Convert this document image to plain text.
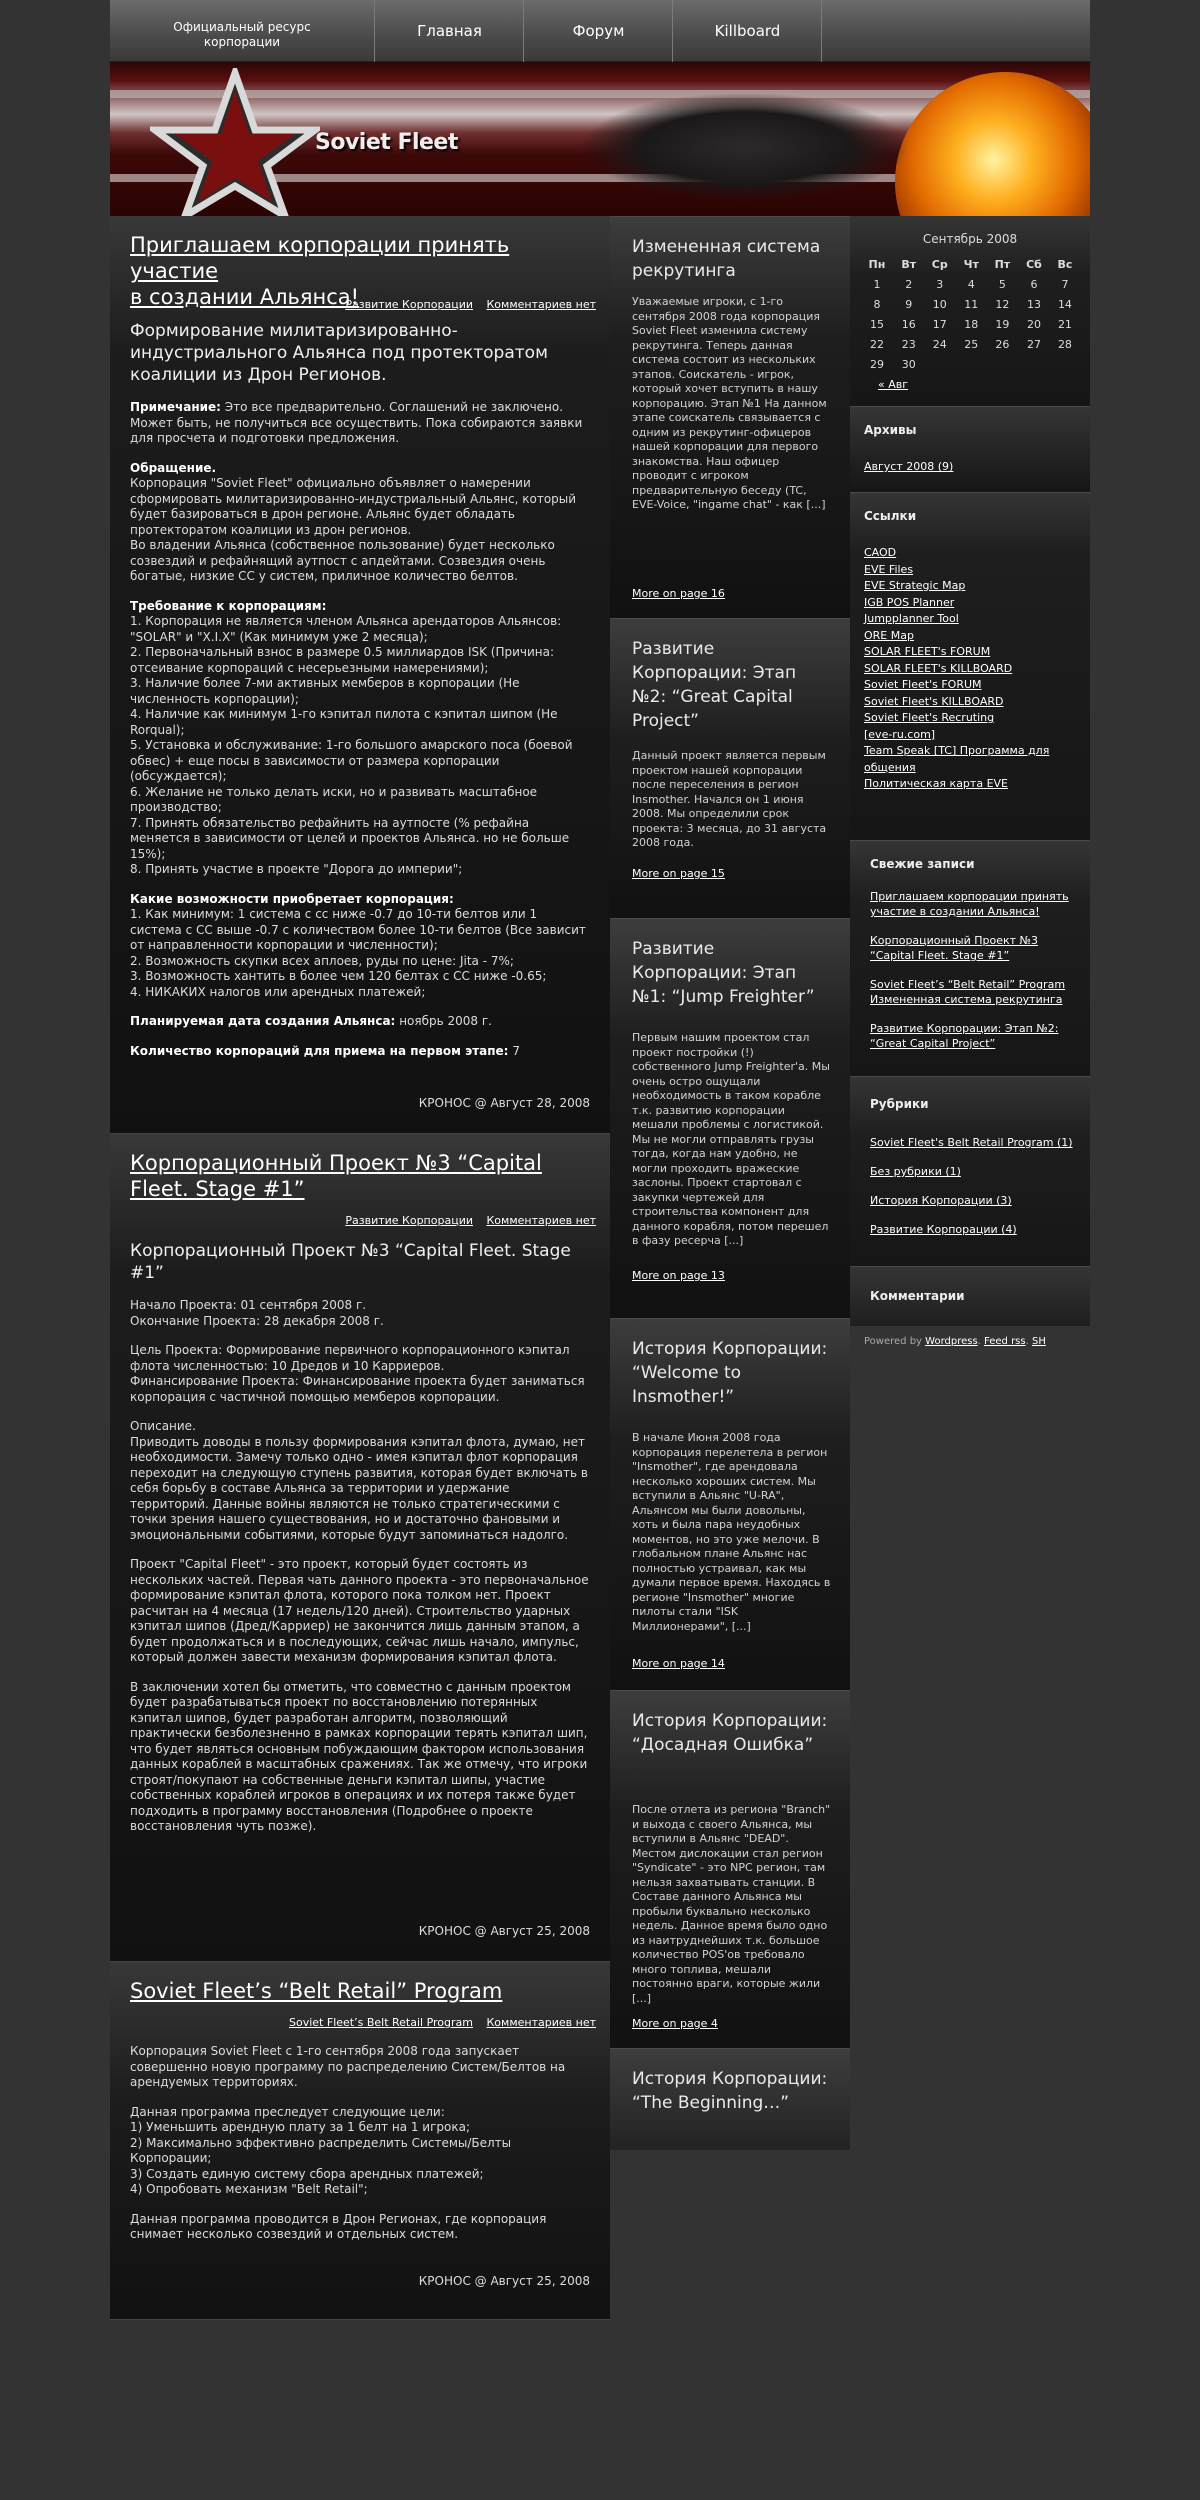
Официальный ресурс
корпорации
Главная	Форум	Killboard
Soviet Fleet
Приглашаем корпорации принять участие
в создании Альянса!
Развитие Корпорации Комментариев нет
Формирование милитаризированно-индустриального Альянса под протекторатом коалиции из Дрон Регионов.

Примечание: Это все предварительно. Соглашений не заключено. Может быть, не получиться все осуществить. Пока собираются заявки для просчета и подготовки предложения.

Обращение.
Корпорация "Soviet Fleet" официально объявляет о намерении сформировать милитаризированно-индустриальный Альянс, который будет базироваться в дрон регионе. Альянс будет обладать протекторатом коалиции из дрон регионов.
Во владении Альянса (собственное пользование) будет несколько созвездий и рефайнящий аутпост с апдейтами. Созвездия очень богатые, низкие СС у систем, приличное количество белтов.

Требование к корпорациям:
1. Корпорация не является членом Альянса арендаторов Альянсов: "SOLAR" и "X.I.X" (Как минимум уже 2 месяца);
2. Первоначальный взнос в размере 0.5 миллиардов ISK (Причина: отсеивание корпораций с несерьезными намерениями);
3. Наличие более 7-ми активных мемберов в корпорации (Не численность корпорации);
4. Наличие как минимум 1-го кэпитал пилота с кэпитал шипом (Не Rorqual);
5. Установка и обслуживание: 1-го большого амарского поса (боевой обвес) + еще посы в зависимости от размера корпорации (обсуждается);
6. Желание не только делать иски, но и развивать масштабное производство;
7. Принять обязательство рефайнить на аутпосте (% рефайна меняется в зависимости от целей и проектов Альянса. но не больше 15%);
8. Принять участие в проекте "Дорога до империи";

Какие возможности приобретает корпорация:
1. Как минимум: 1 система с сс ниже -0.7 до 10-ти белтов или 1 система с СС выше -0.7 с количеством более 10-ти белтов (Все зависит от направленности корпорации и численности);
2. Возможность скупки всех аплоев, руды по цене: Jita - 7%;
3. Возможность хантить в более чем 120 белтах с СС ниже -0.65;
4. НИКАКИХ налогов или арендных платежей;

Планируемая дата создания Альянса: ноябрь 2008 г.

Количество корпораций для приема на первом этапе: 7

КРОНОС @ Август 28, 2008
Корпорационный Проект №3 “Capital
Fleet. Stage #1”
Развитие Корпорации Комментариев нет
Корпорационный Проект №3 “Capital Fleet. Stage #1”

Начало Проекта: 01 сентября 2008 г.
Окончание Проекта: 28 декабря 2008 г.

Цель Проекта: Формирование первичного корпорационного кэпитал флота численностью: 10 Дредов и 10 Карриеров.
Финансирование Проекта: Финансирование проекта будет заниматься корпорация с частичной помощью мемберов корпорации.

Описание.
Приводить доводы в пользу формирования кэпитал флота, думаю, нет необходимости. Замечу только одно - имея кэпитал флот корпорация переходит на следующую ступень развития, которая будет включать в себя борьбу в составе Альянса за территории и удержание территорий. Данные войны являются не только стратегическими с точки зрения нашего существования, но и достаточно фановыми и эмоциональными событиями, которые будут запоминаться надолго.

Проект "Capital Fleet" - это проект, который будет состоять из нескольких частей. Первая чать данного проекта - это первоначальное формирование кэпитал флота, которого пока толком нет. Проект расчитан на 4 месяца (17 недель/120 дней). Строительство ударных кэпитал шипов (Дред/Карриер) не закончится лишь данным этапом, а будет продолжаться и в последующих, сейчас лишь начало, импульс, который должен завести механизм формирования кэпитал флота.

В заключении хотел бы отметить, что совместно с данным проектом будет разрабатываться проект по восстановлению потерянных кэпитал шипов, будет разработан алгоритм, позволяющий практически безболезненно в рамках корпорации терять кэпитал шип, что будет являться основным побуждающим фактором использования данных кораблей в масштабных сражениях. Так же отмечу, что игроки строят/покупают на собственные деньги кэпитал шипы, участие собственных кораблей игроков в операциях и их потеря также будет подходить в программу восстановления (Подробнее о проекте восстановления чуть позже).

КРОНОС @ Август 25, 2008
Soviet Fleet’s “Belt Retail” Program
Soviet Fleet’s Belt Retail Program Комментариев нет

Корпорация Soviet Fleet с 1-го сентября 2008 года запускает совершенно новую программу по распределению Систем/Белтов на арендуемых территориях.

Данная программа преследует следующие цели:
1) Уменьшить арендную плату за 1 белт на 1 игрока;
2) Максимально эффективно распределить Системы/Белты Корпорации;
3) Создать единую систему сбора арендных платежей;
4) Опробовать механизм "Belt Retail";

Данная программа проводится в Дрон Регионах, где корпорация снимает несколько созвездий и отдельных систем.

КРОНОС @ Август 25, 2008
Измененная система рекрутинга
Уважаемые игроки, с 1-го сентября 2008 года корпорация Soviet Fleet изменила систему рекрутинга. Теперь данная система состоит из нескольких этапов. Соискатель - игрок, который хочет вступить в нашу корпорацию. Этап №1 На данном этапе соискатель связывается с одним из рекрутинг-офицеров нашей корпорации для первого знакомства. Наш офицер проводит с игроком предварительную беседу (TC, EVE-Voice, "ingame chat" - как [...]
More on page 16
Развитие Корпорации: Этап №2: “Great Capital Project”
Данный проект является первым проектом нашей корпорации после переселения в регион Insmother. Начался он 1 июня 2008. Мы определили срок проекта: 3 месяца, до 31 августа 2008 года.
More on page 15
Развитие Корпорации: Этап №1: “Jump Freighter”
Первым нашим проектом стал проект постройки (!) собственного Jump Freighter'а. Мы очень остро ощущали необходимость в таком корабле т.к. развитию корпорации мешали проблемы с логистикой. Мы не могли отправлять грузы тогда, когда нам удобно, не могли проходить вражеские заслоны. Проект стартовал с закупки чертежей для строительства компонент для данного корабля, потом перешел в фазу ресерча [...]
More on page 13
История Корпорации: “Welcome to Insmother!”
В начале Июня 2008 года корпорация перелетела в регион "Insmother", где арендовала несколько хороших систем. Мы вступили в Альянс "U-RA", Альянсом мы были довольны, хоть и была пара неудобных моментов, но это уже мелочи. В глобальном плане Альянс нас полностью устраивал, как мы думали первое время. Находясь в регионе "Insmother" многие пилоты стали "ISK Миллионерами", [...]
More on page 14
История Корпорации: “Досадная Ошибка”
После отлета из региона "Branch" и выхода с своего Альянса, мы вступили в Альянс "DEAD". Местом дислокации стал регион "Syndicate" - это NPC регион, там нельзя захватывать станции. В Составе данного Альянса мы пробыли буквально несколько недель. Данное время было одно из наитруднейших т.к. большое количество POS'ов требовало много топлива, мешали постоянно враги, которые жили [...]
More on page 4
История Корпорации: “The Beginning…”
Сентябрь 2008
Пн	Вт	Ср	Чт	Пт	Сб	Вс
1	2	3	4	5	6	7
8	9	10	11	12	13	14
15	16	17	18	19	20	21
22	23	24	25	26	27	28
29	30					
« Авг
Архивы
Август 2008 (9)
Ссылки
CAOD
EVE Files
EVE Strategic Map
IGB POS Planner
Jumpplanner Tool
ORE Map
SOLAR FLEET's FORUM
SOLAR FLEET's KILLBOARD
Soviet Fleet's FORUM
Soviet Fleet's KILLBOARD
Soviet Fleet's Recruting
[eve-ru.com]
Team Speak [TC] Программа для общения
Политическая карта EVE
Свежие записи
Приглашаем корпорации принять участие в создании Альянса!
Корпорационный Проект №3 “Capital Fleet. Stage #1”
Soviet Fleet’s “Belt Retail” Program Измененная система рекрутинга
Развитие Корпорации: Этап №2: “Great Capital Project”
Рубрики
Soviet Fleet's Belt Retail Program (1)
Без рубрики (1)
История Корпорации (3)
Развитие Корпорации (4)
Комментарии
Powered by Wordpress. Feed rss. SH
